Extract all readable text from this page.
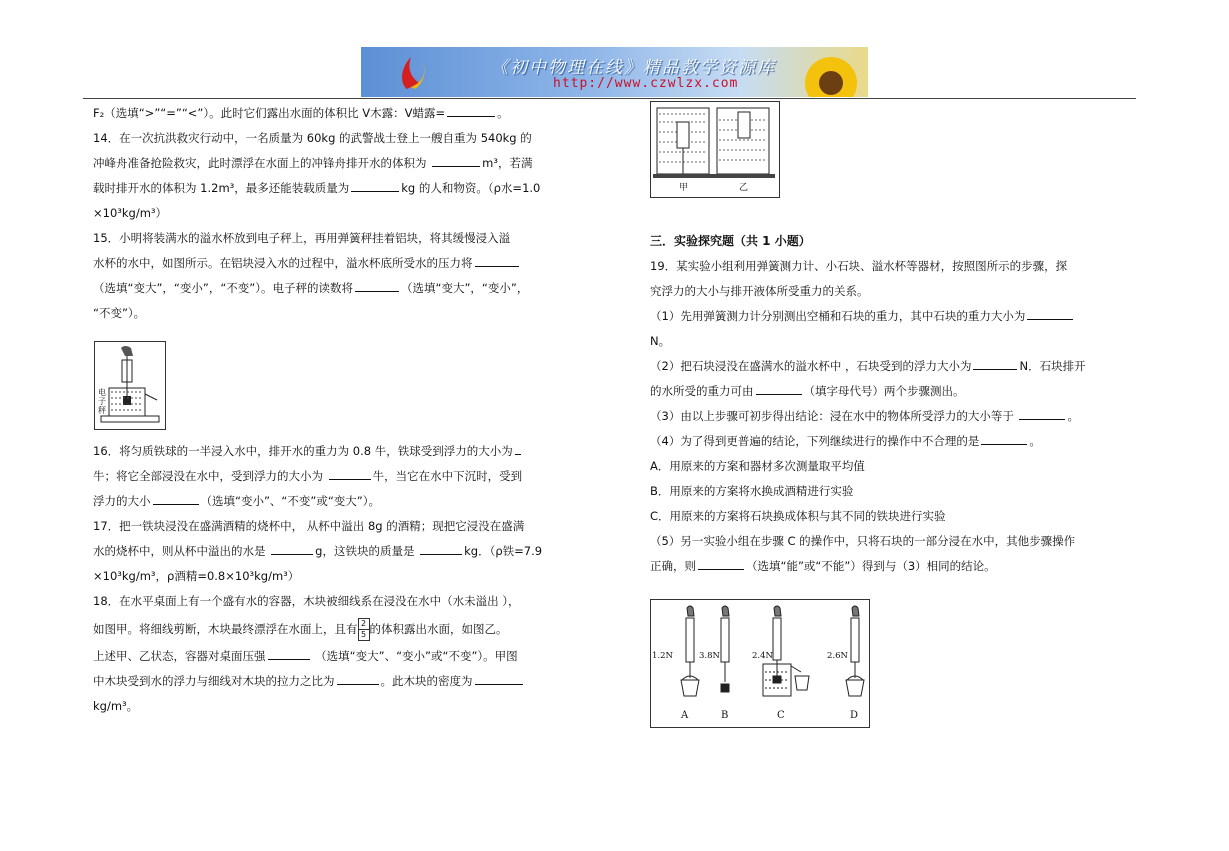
《初中物理在线》精品教学资源库
http://www.czwlzx.com

F₂（选填“>”“=”“<”）。此时它们露出水面的体积比 V木露：V蜡露=	。

14．在一次抗洪救灾行动中，一名质量为 60kg 的武警战士登上一艘自重为 540kg 的

冲峰舟准备抢险救灾，此时漂浮在水面上的冲锋舟排开水的体积为	m³，若满

载时排开水的体积为 1.2m³，最多还能装载质量为	kg 的人和物资。（ρ水=1.0

×10³kg/m³）

15．小明将装满水的溢水杯放到电子秤上，再用弹簧秤挂着铝块，将其缓慢浸入溢

水杯的水中，如图所示。在铝块浸入水的过程中，溢水杯底所受水的压力将

（选填“变大”，“变小”，“不变”）。电子秤的读数将	（选填“变大”，“变小”，

“不变”）。

电子秤

16．将匀质铁球的一半浸入水中，排开水的重力为 0.8 牛，铁球受到浮力的大小为

牛；将它全部浸没在水中，受到浮力的大小为	牛，当它在水中下沉时，受到

浮力的大小	（选填“变小”、“不变”或“变大”）。

17．把一铁块浸没在盛满酒精的烧杯中， 从杯中溢出 8g 的酒精；现把它浸没在盛满

水的烧杯中，则从杯中溢出的水是	g，这铁块的质量是	kg．（ρ铁=7.9

×10³kg/m³，ρ酒精=0.8×10³kg/m³）

18．在水平桌面上有一个盛有水的容器，木块被细线系在浸没在水中（水未溢出 ），

如图甲。将细线剪断，木块最终漂浮在水面上，且有 $\frac{2}{5}$ 的体积露出水面，如图乙。

上述甲、乙状态，容器对桌面压强	（选填“变大”、“变小”或“不变”）。甲图

中木块受到水的浮力与细线对木块的拉力之比为	。此木块的密度为

kg/m³。

甲	乙

三．实验探究题（共 1 小题）

19．某实验小组利用弹簧测力计、小石块、溢水杯等器材，按照图所示的步骤，探

究浮力的大小与排开液体所受重力的关系。

（1）先用弹簧测力计分别测出空桶和石块的重力，其中石块的重力大小为

N。

（2）把石块浸没在盛满水的溢水杯中 ，石块受到的浮力大小为	N．石块排开

的水所受的重力可由	（填字母代号）两个步骤测出。

（3）由以上步骤可初步得出结论：浸在水中的物体所受浮力的大小等于	。

（4）为了得到更普遍的结论，下列继续进行的操作中不合理的是	。

A．用原来的方案和器材多次测量取平均值

B．用原来的方案将水换成酒精进行实验

C．用原来的方案将石块换成体积与其不同的铁块进行实验

（5）另一实验小组在步骤 C 的操作中，只将石块的一部分浸在水中，其他步骤操作

正确，则	（选填“能”或“不能”）得到与（3）相同的结论。

1.2N	3.8N	2.4N	2.6N
A	B	C	D
